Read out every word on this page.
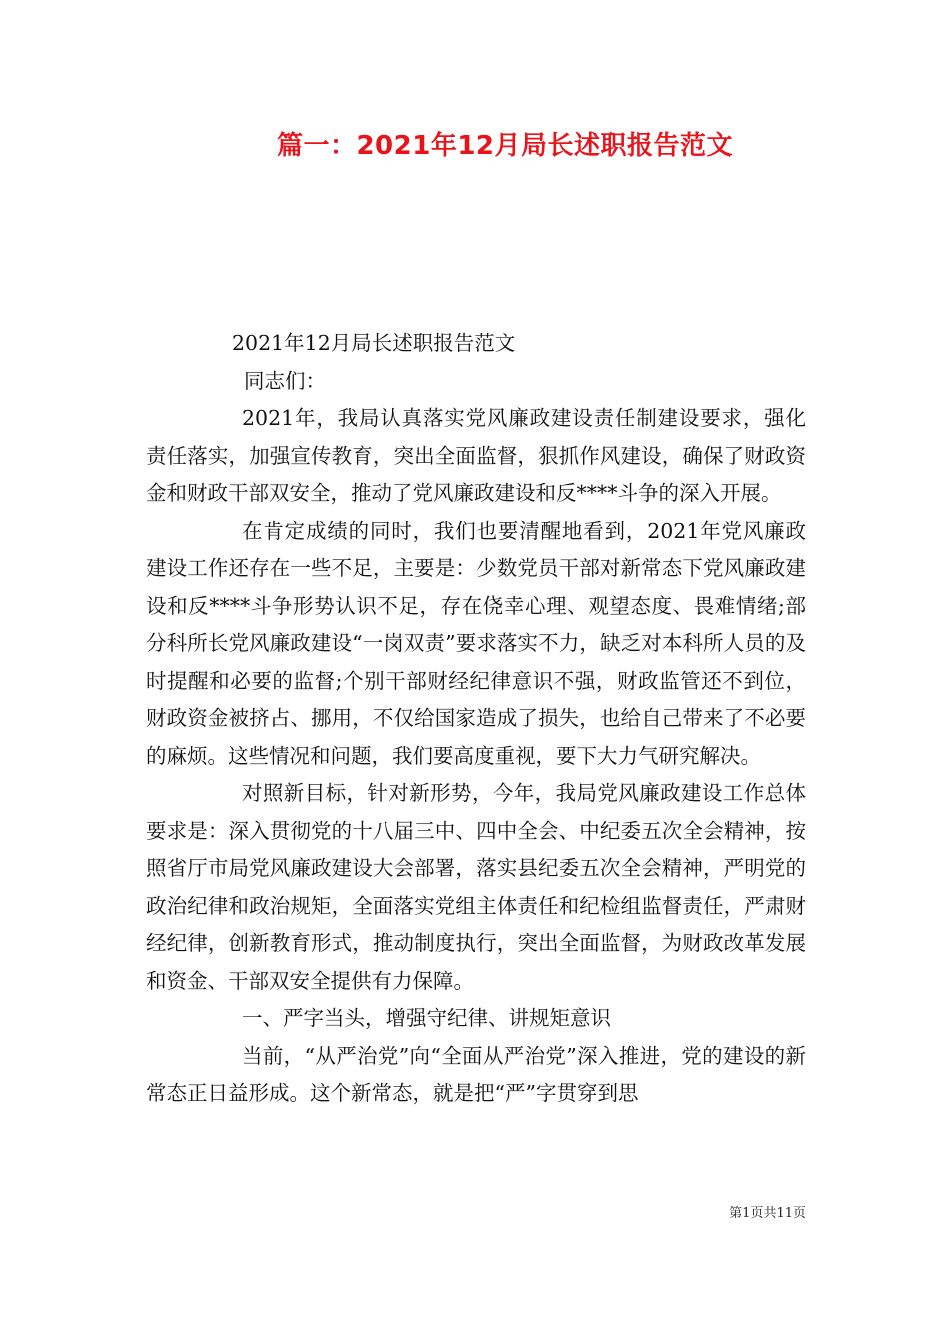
篇一：2021年12月局长述职报告范文

2021年12月局长述职报告范文

同志们：

2021年，我局认真落实党风廉政建设责任制建设要求，强化责任落实，加强宣传教育，突出全面监督，狠抓作风建设，确保了财政资金和财政干部双安全，推动了党风廉政建设和反****斗争的深入开展。

在肯定成绩的同时，我们也要清醒地看到，2021年党风廉政建设工作还存在一些不足，主要是：少数党员干部对新常态下党风廉政建设和反****斗争形势认识不足，存在侥幸心理、观望态度、畏难情绪;部分科所长党风廉政建设“一岗双责”要求落实不力，缺乏对本科所人员的及时提醒和必要的监督;个别干部财经纪律意识不强，财政监管还不到位，财政资金被挤占、挪用，不仅给国家造成了损失，也给自己带来了不必要的麻烦。这些情况和问题，我们要高度重视，要下大力气研究解决。

对照新目标，针对新形势，今年，我局党风廉政建设工作总体要求是：深入贯彻党的十八届三中、四中全会、中纪委五次全会精神，按照省厅市局党风廉政建设大会部署，落实县纪委五次全会精神，严明党的政治纪律和政治规矩，全面落实党组主体责任和纪检组监督责任，严肃财经纪律，创新教育形式，推动制度执行，突出全面监督，为财政改革发展和资金、干部双安全提供有力保障。

一、严字当头，增强守纪律、讲规矩意识

当前，“从严治党”向“全面从严治党”深入推进，党的建设的新常态正日益形成。这个新常态，就是把“严”字贯穿到思

第1页共11页
